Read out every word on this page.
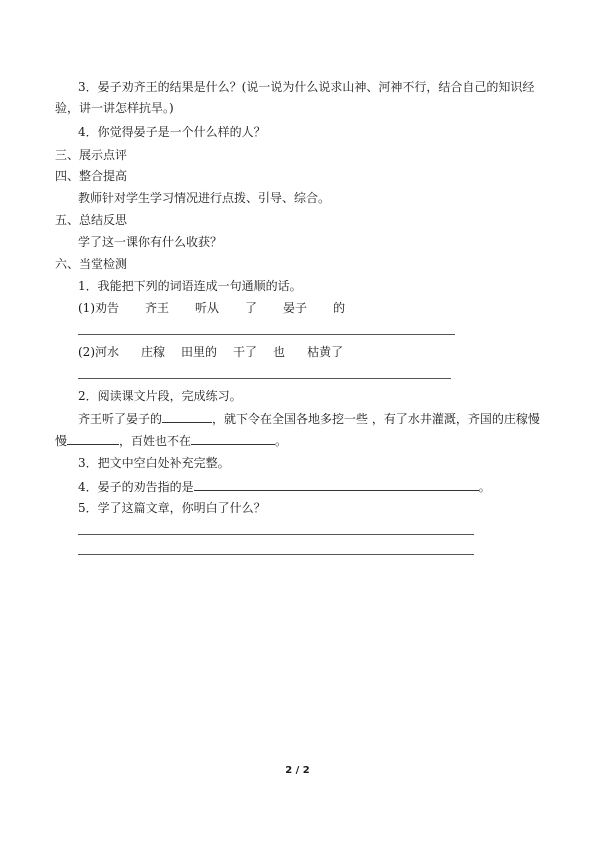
3．晏子劝齐王的结果是什么？(说一说为什么说求山神、河神不行，结合自己的知识经
验，讲一讲怎样抗旱。)
4．你觉得晏子是一个什么样的人？
三、展示点评
四、整合提高
教师针对学生学习情况进行点拨、引导、综合。
五、总结反思
学了这一课你有什么收获？
六、当堂检测
1．我能把下列的词语连成一句通顺的话。
(1)劝告 齐王 听从 了 晏子 的
(2)河水 庄稼 田里的 干了 也 枯黄了
2．阅读课文片段，完成练习。
齐王听了晏子的	，就下令在全国各地多挖一些 ，有了水井灌溉，齐国的庄稼慢
慢	，百姓也不在	。
3．把文中空白处补充完整。
4．晏子的劝告指的是	。
5．学了这篇文章，你明白了什么？
2 / 2
